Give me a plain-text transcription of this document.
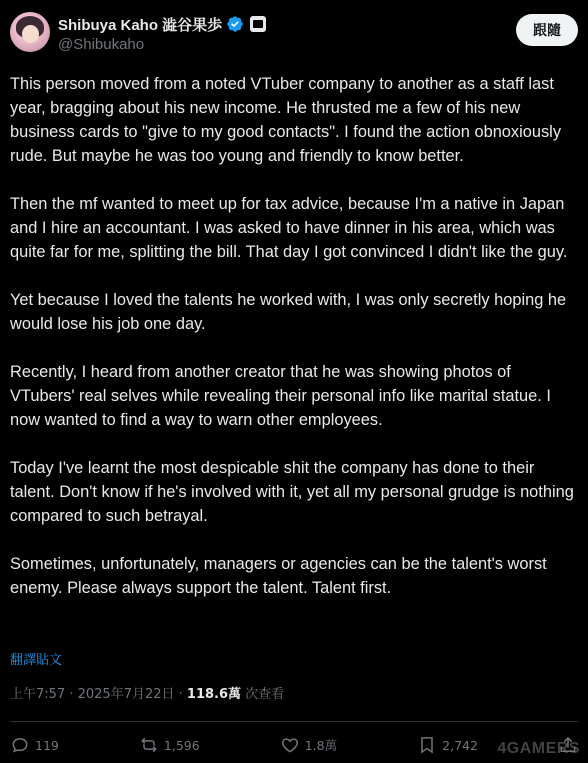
Shibuya Kaho 澁谷果歩
@Shibukaho
跟隨

This person moved from a noted VTuber company to another as a staff last year, bragging about his new income. He thrusted me a few of his new business cards to "give to my good contacts". I found the action obnoxiously rude. But maybe he was too young and friendly to know better.

Then the mf wanted to meet up for tax advice, because I'm a native in Japan and I hire an accountant. I was asked to have dinner in his area, which was quite far for me, splitting the bill. That day I got convinced I didn't like the guy.

Yet because I loved the talents he worked with, I was only secretly hoping he would lose his job one day.

Recently, I heard from another creator that he was showing photos of VTubers' real selves while revealing their personal info like marital statue. I now wanted to find a way to warn other employees.

Today I've learnt the most despicable shit the company has done to their talent. Don't know if he's involved with it, yet all my personal grudge is nothing compared to such betrayal.

Sometimes, unfortunately, managers or agencies can be the talent's worst enemy. Please always support the talent. Talent first.

翻譯貼文
上午7:57 · 2025年7月22日 · 118.6萬 次查看
119	1,596	1.8萬	2,742 4GAMERS
